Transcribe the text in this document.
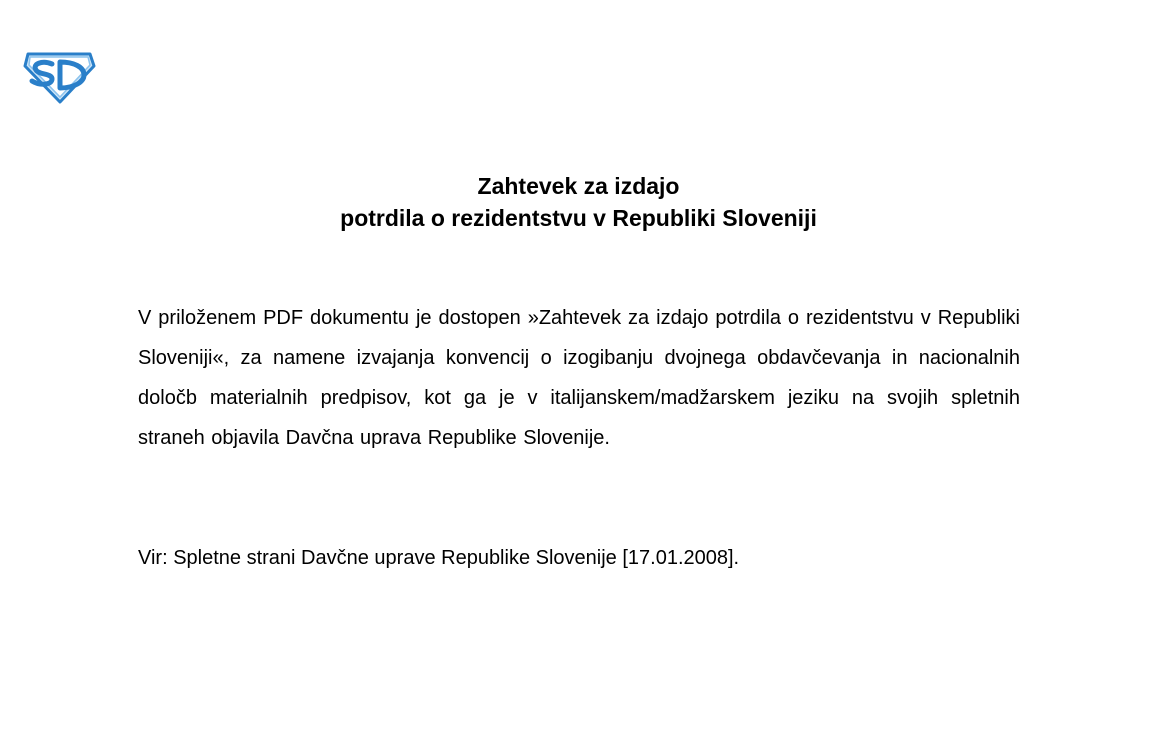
SD
Zahtevek za izdajo
potrdila o rezidentstvu v Republiki Sloveniji

V priloženem PDF dokumentu je dostopen »Zahtevek za izdajo potrdila o rezidentstvu v Republiki Sloveniji«, za namene izvajanja konvencij o izogibanju dvojnega obdavčevanja in nacionalnih določb materialnih predpisov, kot ga je v italijanskem/madžarskem jeziku na svojih spletnih straneh objavila Davčna uprava Republike Slovenije.

Vir: Spletne strani Davčne uprave Republike Slovenije [17.01.2008].
